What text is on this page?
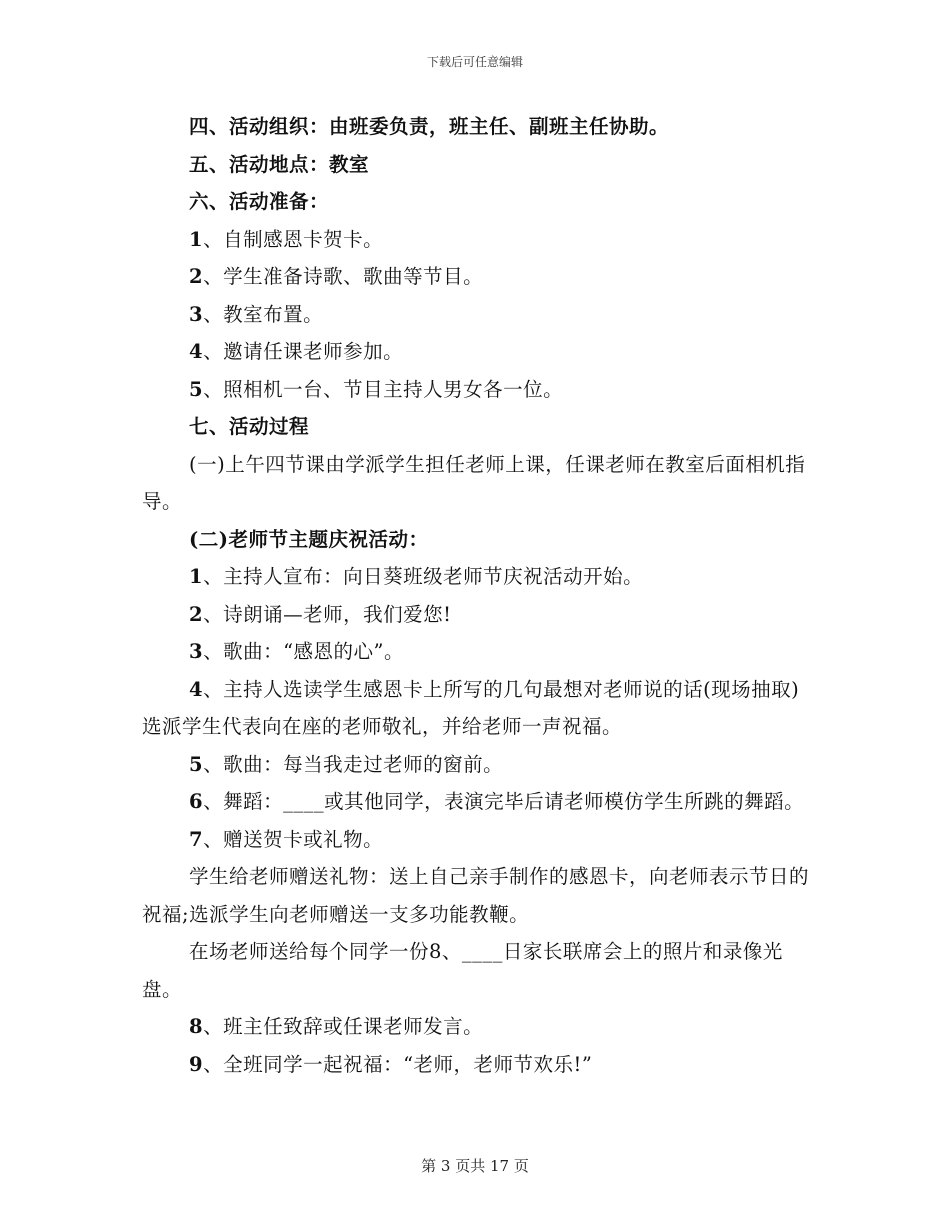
下载后可任意编辑

四、活动组织：由班委负责，班主任、副班主任协助。

五、活动地点：教室

六、活动准备：

1、自制感恩卡贺卡。

2、学生准备诗歌、歌曲等节目。

3、教室布置。

4、邀请任课老师参加。

5、照相机一台、节目主持人男女各一位。

七、活动过程

(一)上午四节课由学派学生担任老师上课，任课老师在教室后面相机指导。

(二)老师节主题庆祝活动：

1、主持人宣布：向日葵班级老师节庆祝活动开始。

2、诗朗诵—老师，我们爱您!

3、歌曲：“感恩的心”。

4、主持人选读学生感恩卡上所写的几句最想对老师说的话(现场抽取)选派学生代表向在座的老师敬礼，并给老师一声祝福。

5、歌曲：每当我走过老师的窗前。

6、舞蹈：____或其他同学，表演完毕后请老师模仿学生所跳的舞蹈。

7、赠送贺卡或礼物。

学生给老师赠送礼物：送上自己亲手制作的感恩卡，向老师表示节日的祝福;选派学生向老师赠送一支多功能教鞭。

在场老师送给每个同学一份8、____日家长联席会上的照片和录像光盘。

8、班主任致辞或任课老师发言。

9、全班同学一起祝福：“老师，老师节欢乐!”

第 3 页共 17 页
